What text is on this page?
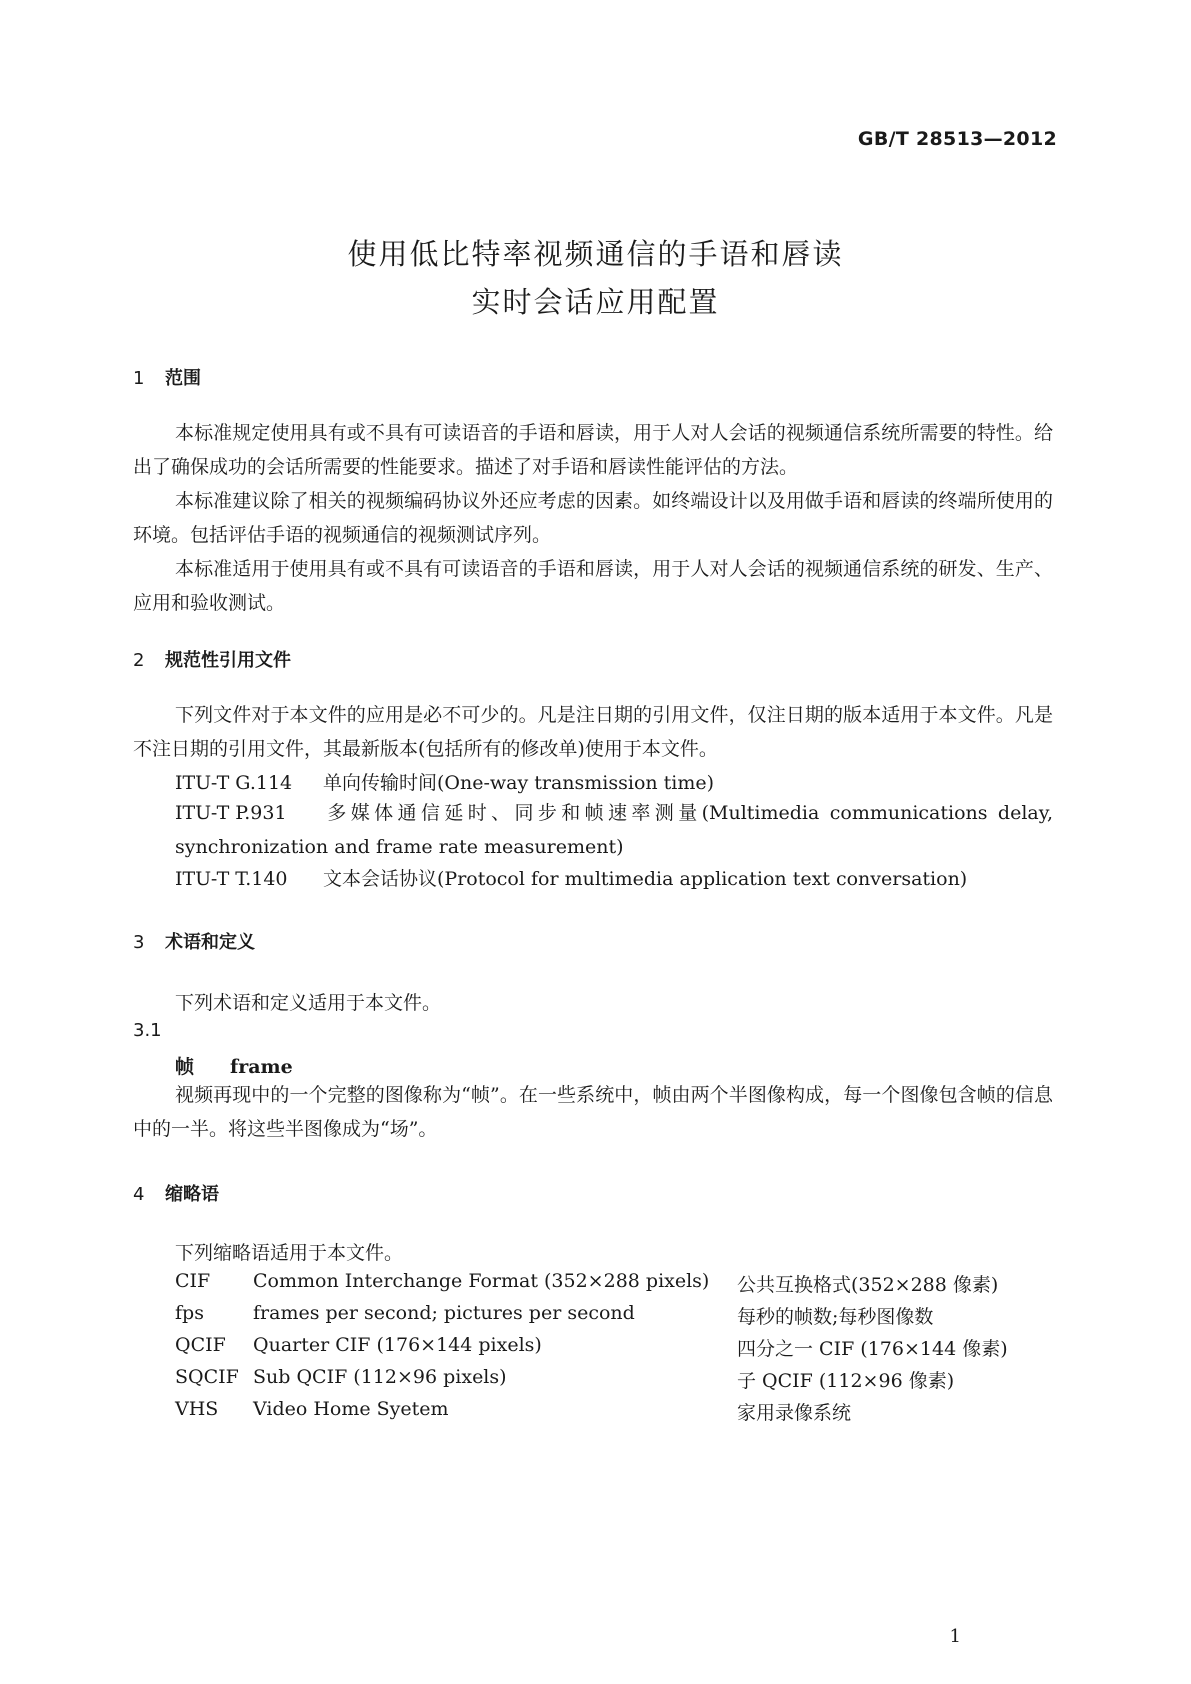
GB/T 28513—2012
使用低比特率视频通信的手语和唇读
实时会话应用配置
1 范围
本标准规定使用具有或不具有可读语音的手语和唇读，用于人对人会话的视频通信系统所需要的特性。给出了确保成功的会话所需要的性能要求。描述了对手语和唇读性能评估的方法。
本标准建议除了相关的视频编码协议外还应考虑的因素。如终端设计以及用做手语和唇读的终端所使用的环境。包括评估手语的视频通信的视频测试序列。
本标准适用于使用具有或不具有可读语音的手语和唇读，用于人对人会话的视频通信系统的研发、生产、应用和验收测试。
2 规范性引用文件
下列文件对于本文件的应用是必不可少的。凡是注日期的引用文件，仅注日期的版本适用于本文件。凡是不注日期的引用文件，其最新版本(包括所有的修改单)使用于本文件。
ITU-T G.114 单向传输时间(One-way transmission time)
ITU-T P.931 多媒体通信延时、同步和帧速率测量(Multimedia communications delay, synchronization and frame rate measurement)
ITU-T T.140 文本会话协议(Protocol for multimedia application text conversation)
3 术语和定义
下列术语和定义适用于本文件。
3.1
帧 frame
视频再现中的一个完整的图像称为“帧”。在一些系统中，帧由两个半图像构成，每一个图像包含帧的信息中的一半。将这些半图像成为“场”。
4 缩略语
下列缩略语适用于本文件。
CIF Common Interchange Format (352×288 pixels) 公共互换格式(352×288 像素)
fps	frames per second; pictures per second	每秒的帧数;每秒图像数
QCIF Quarter CIF (176×144 pixels)	四分之一 CIF (176×144 像素)
SQCIF Sub QCIF (112×96 pixels)	子 QCIF (112×96 像素)
VHS Video Home Syetem	家用录像系统
1
